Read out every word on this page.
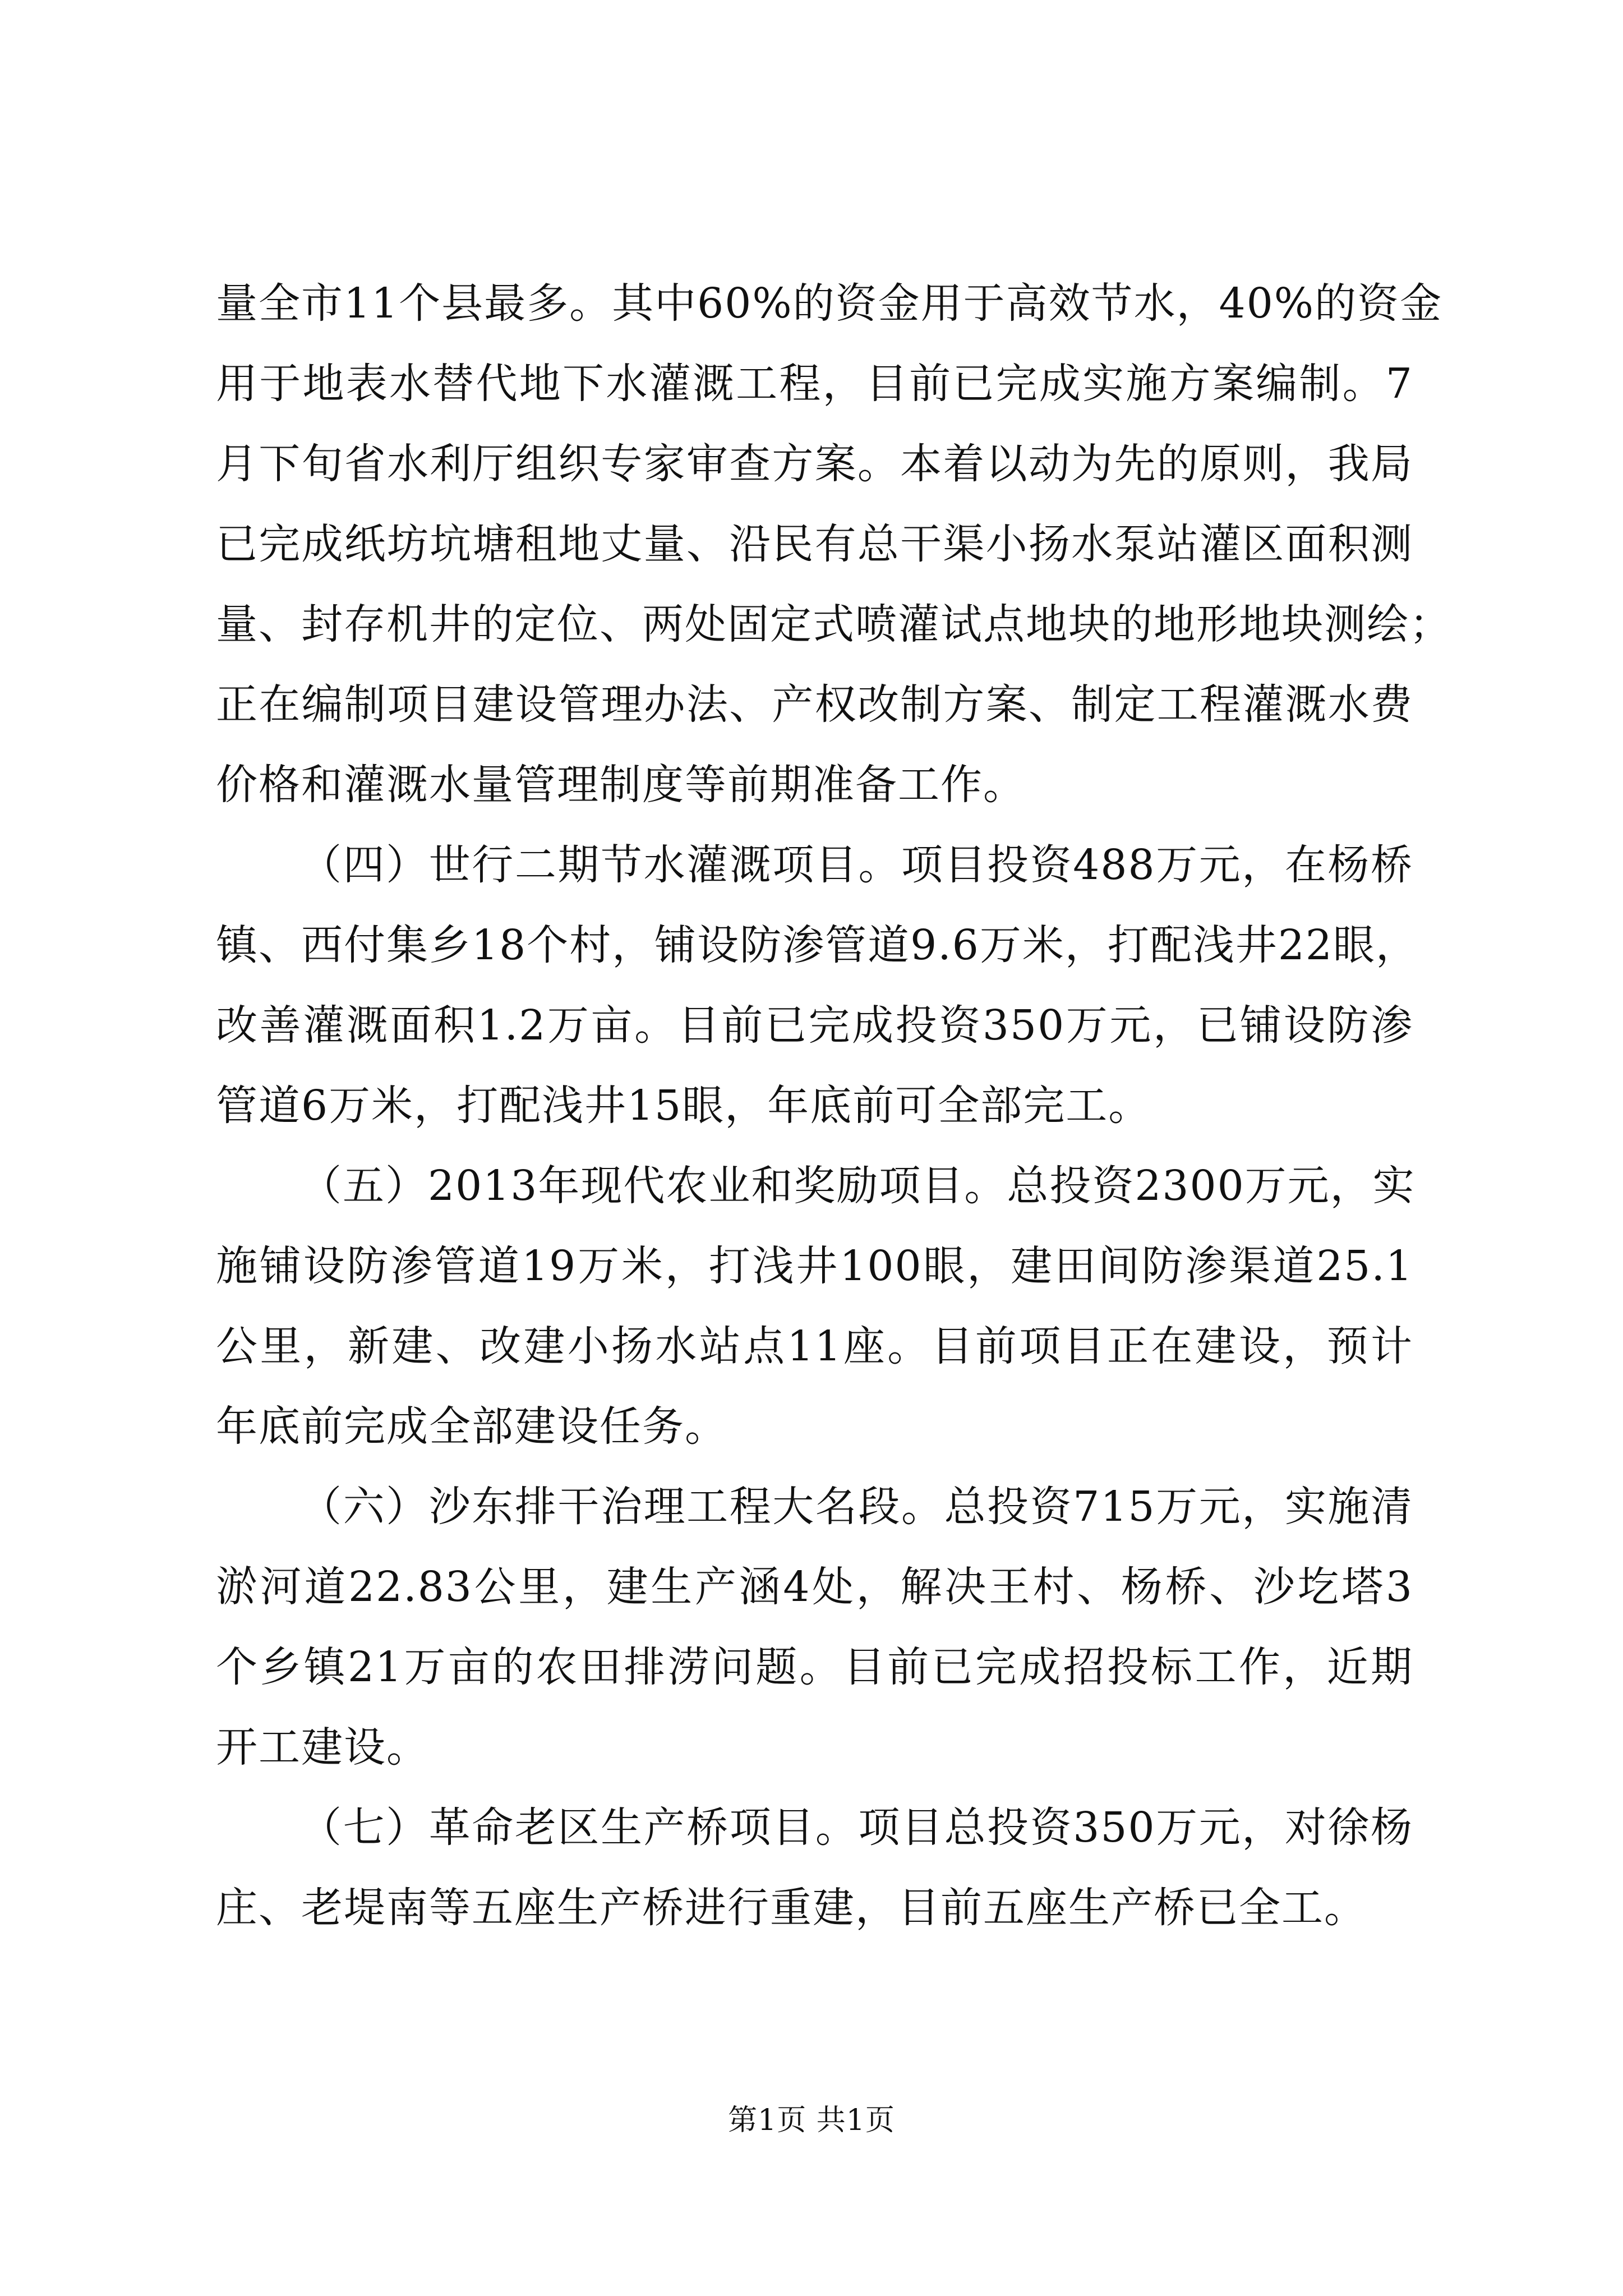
量全市11个县最多。其中60%的资金用于高效节水，40%的资金
用于地表水替代地下水灌溉工程，目前已完成实施方案编制。7
月下旬省水利厅组织专家审查方案。本着以动为先的原则，我局
已完成纸坊坑塘租地丈量、沿民有总干渠小扬水泵站灌区面积测
量、封存机井的定位、两处固定式喷灌试点地块的地形地块测绘；
正在编制项目建设管理办法、产权改制方案、制定工程灌溉水费
价格和灌溉水量管理制度等前期准备工作。
（四）世行二期节水灌溉项目。项目投资488万元，在杨桥
镇、西付集乡18个村，铺设防渗管道9.6万米，打配浅井22眼，
改善灌溉面积1.2万亩。目前已完成投资350万元，已铺设防渗
管道6万米，打配浅井15眼，年底前可全部完工。
（五）2013年现代农业和奖励项目。总投资2300万元，实
施铺设防渗管道19万米，打浅井100眼，建田间防渗渠道25.1
公里，新建、改建小扬水站点11座。目前项目正在建设，预计
年底前完成全部建设任务。
（六）沙东排干治理工程大名段。总投资715万元，实施清
淤河道22.83公里，建生产涵4处，解决王村、杨桥、沙圪塔3
个乡镇21万亩的农田排涝问题。目前已完成招投标工作，近期
开工建设。
（七）革命老区生产桥项目。项目总投资350万元，对徐杨
庄、老堤南等五座生产桥进行重建，目前五座生产桥已全工。
第1页 共1页
